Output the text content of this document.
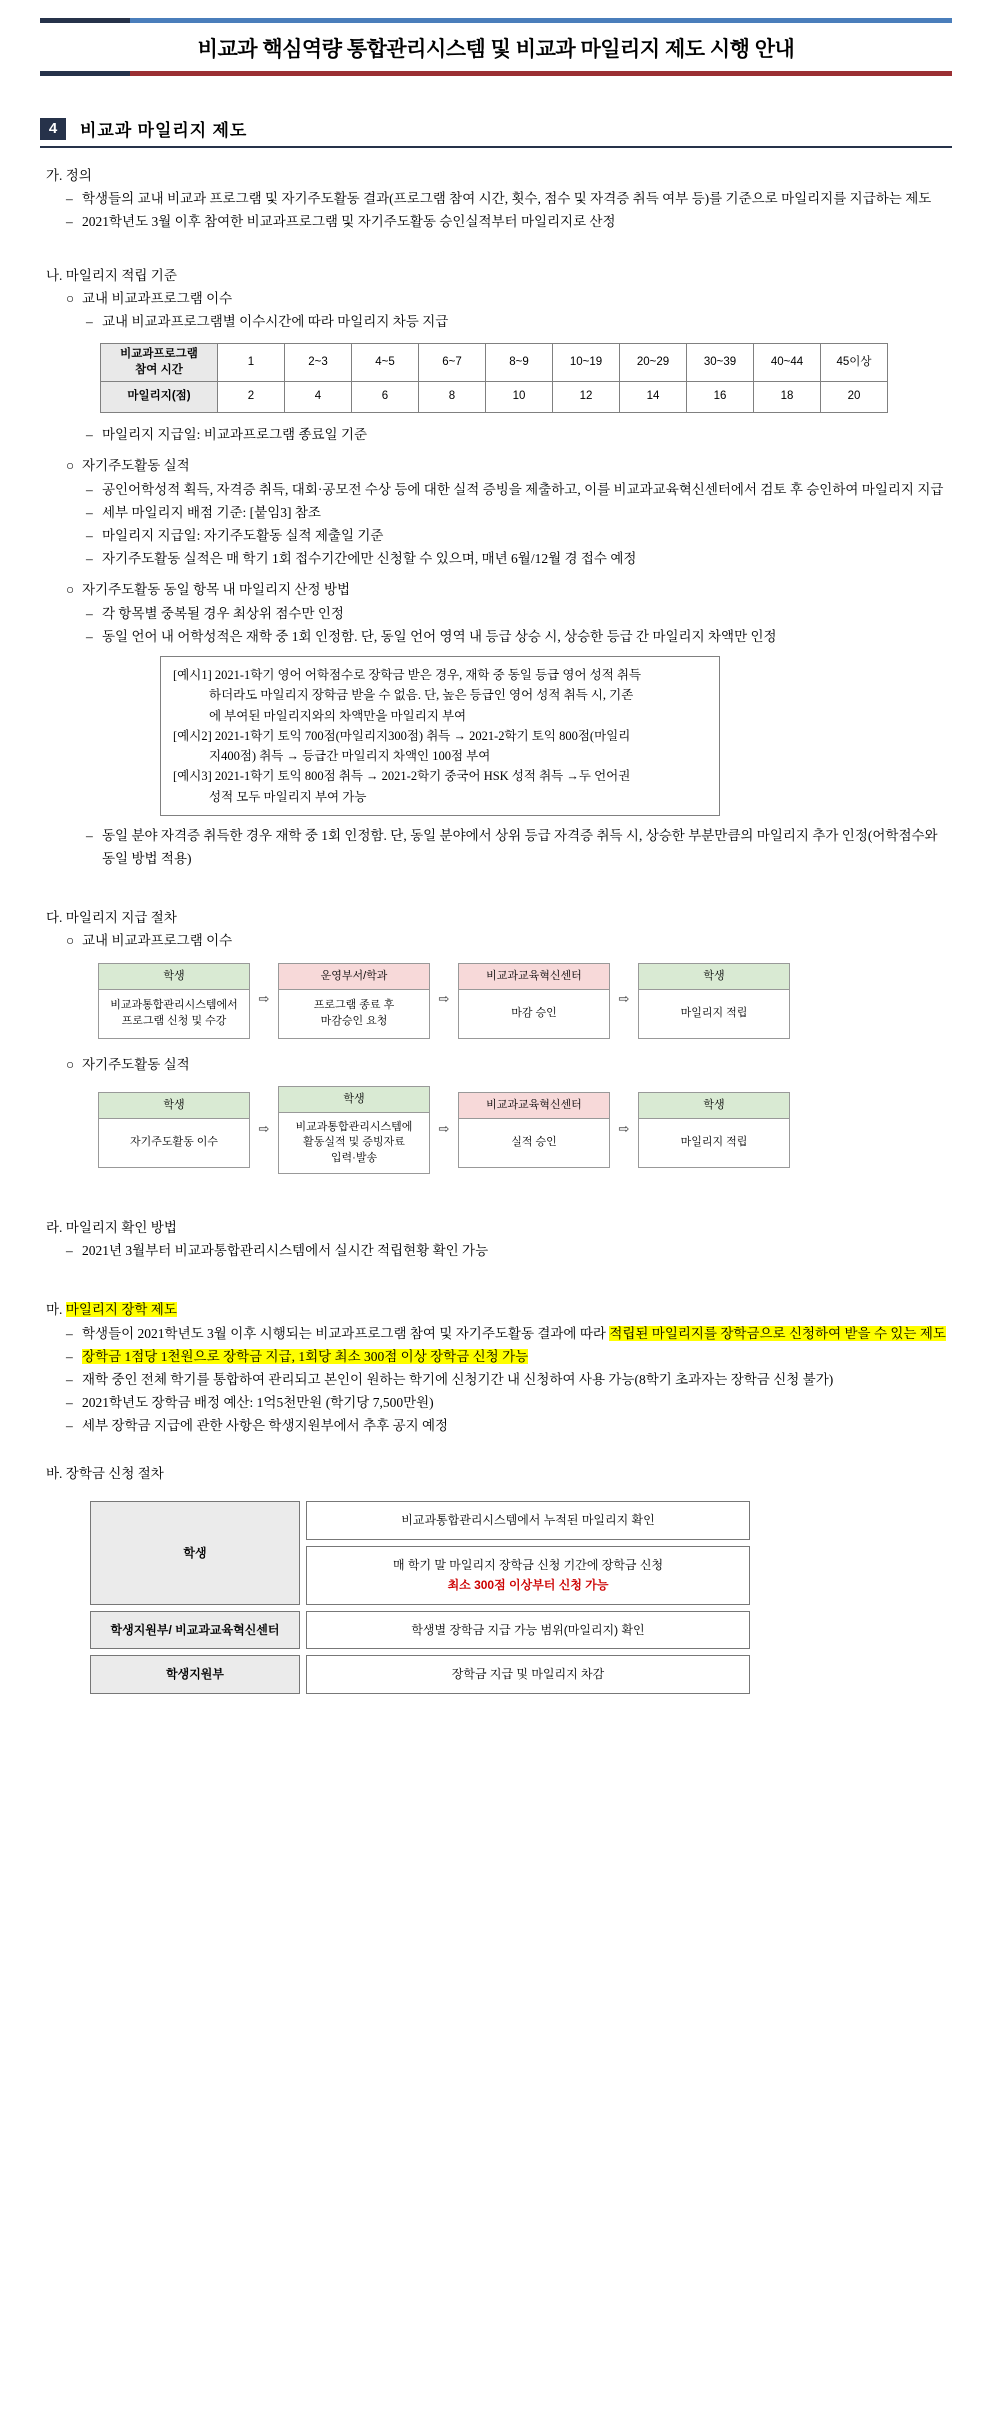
비교과 핵심역량 통합관리시스템 및 비교과 마일리지 제도 시행 안내
4	비교과 마일리지 제도
가. 정의
– 학생들의 교내 비교과 프로그램 및 자기주도활동 결과(프로그램 참여 시간, 횟수, 점수 및 자격증 취득 여부 등)를 기준으로 마일리지를 지급하는 제도
– 2021학년도 3월 이후 참여한 비교과프로그램 및 자기주도활동 승인실적부터 마일리지로 산정
나. 마일리지 적립 기준
○ 교내 비교과프로그램 이수
– 교내 비교과프로그램별 이수시간에 따라 마일리지 차등 지급
비교과프로그램
참여 시간	1	2~3	4~5	6~7	8~9	10~19	20~29	30~39	40~44	45이상
마일리지(점)	2	4	6	8	10	12	14	16	18	20
– 마일리지 지급일: 비교과프로그램 종료일 기준
○ 자기주도활동 실적
– 공인어학성적 획득, 자격증 취득, 대회·공모전 수상 등에 대한 실적 증빙을 제출하고, 이를 비교과교육혁신센터에서 검토 후 승인하여 마일리지 지급
– 세부 마일리지 배점 기준: [붙임3] 참조
– 마일리지 지급일: 자기주도활동 실적 제출일 기준
– 자기주도활동 실적은 매 학기 1회 접수기간에만 신청할 수 있으며, 매년 6월/12월 경 접수 예정
○ 자기주도활동 동일 항목 내 마일리지 산정 방법
– 각 항목별 중복될 경우 최상위 점수만 인정
– 동일 언어 내 어학성적은 재학 중 1회 인정함. 단, 동일 언어 영역 내 등급 상승 시, 상승한 등급 간 마일리지 차액만 인정

[예시1] 2021-1학기 영어 어학점수로 장학금 받은 경우, 재학 중 동일 등급 영어 성적 취득
하더라도 마일리지 장학금 받을 수 없음. 단, 높은 등급인 영어 성적 취득 시, 기존
에 부여된 마일리지와의 차액만을 마일리지 부여

[예시2] 2021-1학기 토익 700점(마일리지300점) 취득 → 2021-2학기 토익 800점(마일리
지400점) 취득 → 등급간 마일리지 차액인 100점 부여

[예시3] 2021-1학기 토익 800점 취득 → 2021-2학기 중국어 HSK 성적 취득 →두 언어권
성적 모두 마일리지 부여 가능

– 동일 분야 자격증 취득한 경우 재학 중 1회 인정함. 단, 동일 분야에서 상위 등급 자격증 취득 시, 상승한 부분만큼의 마일리지 추가 인정(어학점수와 동일 방법 적용)
다. 마일리지 지급 절차
○ 교내 비교과프로그램 이수
학생
비교과통합관리시스템에서
프로그램 신청 및 수강
⇨
운영부서/학과
프로그램 종료 후
마감승인 요청
⇨
비교과교육혁신센터
마감 승인
⇨
학생
마일리지 적립
○ 자기주도활동 실적
학생
자기주도활동 이수
⇨
학생
비교과통합관리시스템에
활동실적 및 증빙자료
입력·발송
⇨
비교과교육혁신센터
실적 승인
⇨
학생
마일리지 적립
라. 마일리지 확인 방법
– 2021년 3월부터 비교과통합관리시스템에서 실시간 적립현황 확인 가능
마. 마일리지 장학 제도
– 학생들이 2021학년도 3월 이후 시행되는 비교과프로그램 참여 및 자기주도활동 결과에 따라 적립된 마일리지를 장학금으로 신청하여 받을 수 있는 제도
– 장학금 1점당 1천원으로 장학금 지급, 1회당 최소 300점 이상 장학금 신청 가능
– 재학 중인 전체 학기를 통합하여 관리되고 본인이 원하는 학기에 신청기간 내 신청하여 사용 가능(8학기 초과자는 장학금 신청 불가)
– 2021학년도 장학금 배정 예산: 1억5천만원 (학기당 7,500만원)
– 세부 장학금 지급에 관한 사항은 학생지원부에서 추후 공지 예정
바. 장학금 신청 절차
학생	비교과통합관리시스템에서 누적된 마일리지 확인

	매 학기 말 마일리지 장학금 신청 기간에 장학금 신청
최소 300점 이상부터 신청 가능

학생지원부/ 비교과교육혁신센터	학생별 장학금 지급 가능 범위(마일리지) 확인
학생지원부	장학금 지급 및 마일리지 차감
